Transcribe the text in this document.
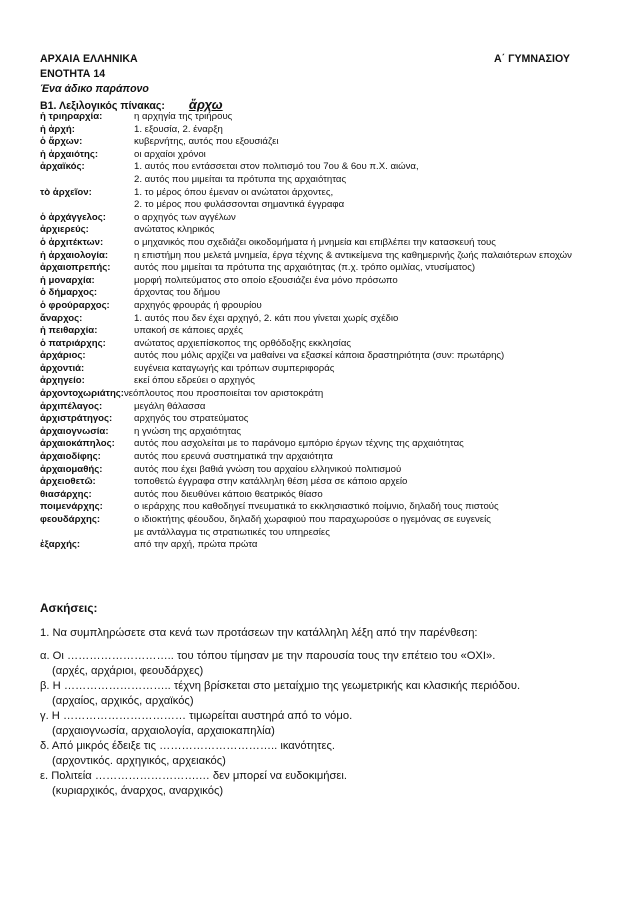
ΑΡΧΑΙΑ ΕΛΛΗΝΙΚΑ	Α΄ ΓΥΜΝΑΣΙΟΥ
ΕΝΟΤΗΤΑ 14
Ένα άδικο παράπονο
Β1. Λεξιλογικός πίνακας: ἄρχω
ἡ τριηραρχία:	η αρχηγία της τριήρους
ἡ ἀρχή:	1. εξουσία, 2. έναρξη
ὁ ἄρχων:	κυβερνήτης, αυτός που εξουσιάζει
ἡ ἀρχαιότης:	οι αρχαίοι χρόνοι
ἀρχαϊκός:	1. αυτός που εντάσσεται στον πολιτισμό του 7ου & 6ου π.Χ. αιώνα,
2. αυτός που μιμείται τα πρότυπα της αρχαιότητας
τὸ ἀρχεῖον:	1. το μέρος όπου έμεναν οι ανώτατοι άρχοντες,
2. το μέρος που φυλάσσονται σημαντικά έγγραφα
ὁ ἀρχάγγελος:	ο αρχηγός των αγγέλων
ἀρχιερεύς:	ανώτατος κληρικός
ὁ ἀρχιτέκτων:	ο μηχανικός που σχεδιάζει οικοδομήματα ή μνημεία και επιβλέπει την κατασκευή τους
ἡ ἀρχαιολογία:	η επιστήμη που μελετά μνημεία, έργα τέχνης & αντικείμενα της καθημερινής ζωής παλαιότερων εποχών
ἀρχαιοπρεπής:	αυτός που μιμείται τα πρότυπα της αρχαιότητας (π.χ. τρόπο ομιλίας, ντυσίματος)
ἡ μοναρχία:	μορφή πολιτεύματος στο οποίο εξουσιάζει ένα μόνο πρόσωπο
ὁ δήμαρχος:	άρχοντας του δήμου
ὁ φρούραρχος:	αρχηγός φρουράς ή φρουρίου
ἄναρχος:	1. αυτός που δεν έχει αρχηγό, 2. κάτι που γίνεται χωρίς σχέδιο
ἡ πειθαρχία:	υπακοή σε κάποιες αρχές
ὁ πατριάρχης:	ανώτατος αρχιεπίσκοπος της ορθόδοξης εκκλησίας
ἀρχάριος:	αυτός που μόλις αρχίζει να μαθαίνει να εξασκεί κάποια δραστηριότητα (συν: πρωτάρης)
ἀρχοντιά:	ευγένεια καταγωγής και τρόπων συμπεριφοράς
ἀρχηγείο:	εκεί όπου εδρεύει ο αρχηγός
ἀρχοντοχωριάτης: νεόπλουτος που προσποιείται τον αριστοκράτη
ἀρχιπέλαγος:	μεγάλη θάλασσα
ἀρχιστράτηγος:	αρχηγός του στρατεύματος
ἀρχαιογνωσία:	η γνώση της αρχαιότητας
ἀρχαιοκάπηλος:	αυτός που ασχολείται με το παράνομο εμπόριο έργων τέχνης της αρχαιότητας
ἀρχαιοδίφης:	αυτός που ερευνά συστηματικά την αρχαιότητα
ἀρχαιομαθής:	αυτός που έχει βαθιά γνώση του αρχαίου ελληνικού πολιτισμού
ἀρχειοθετῶ:	τοποθετώ έγγραφα στην κατάλληλη θέση μέσα σε κάποιο αρχείο
θιασάρχης:	αυτός που διευθύνει κάποιο θεατρικός θίασο
ποιμενάρχης:	ο ιεράρχης που καθοδηγεί πνευματικά το εκκλησιαστικό ποίμνιο, δηλαδή τους πιστούς
φεουδάρχης:	ο ιδιοκτήτης φέουδου, δηλαδή χωραφιού που παραχωρούσε ο ηγεμόνας σε ευγενείς
με αντάλλαγμα τις στρατιωτικές του υπηρεσίες
ἐξαρχής:	από την αρχή, πρώτα πρώτα
Ασκήσεις:
1. Να συμπληρώσετε στα κενά των προτάσεων την κατάλληλη λέξη από την παρένθεση:
α. Οι ……………………….. του τόπου τίμησαν με την παρουσία τους την επέτειο του «ΟΧΙ».
(αρχές, αρχάριοι, φεουδάρχες)
β. Η ……………………….. τέχνη βρίσκεται στο μεταίχμιο της γεωμετρικής και κλασικής περιόδου.
(αρχαίος, αρχικός, αρχαϊκός)
γ. Η …………………………… τιμωρείται αυστηρά από το νόμο.
(αρχαιογνωσία, αρχαιολογία, αρχαιοκαπηλία)
δ. Από μικρός έδειξε τις ………………………….. ικανότητες.
(αρχοντικός. αρχηγικός, αρχειακός)
ε. Πολιτεία ……………………….… δεν μπορεί να ευδοκιμήσει.
(κυριαρχικός, άναρχος, αναρχικός)
